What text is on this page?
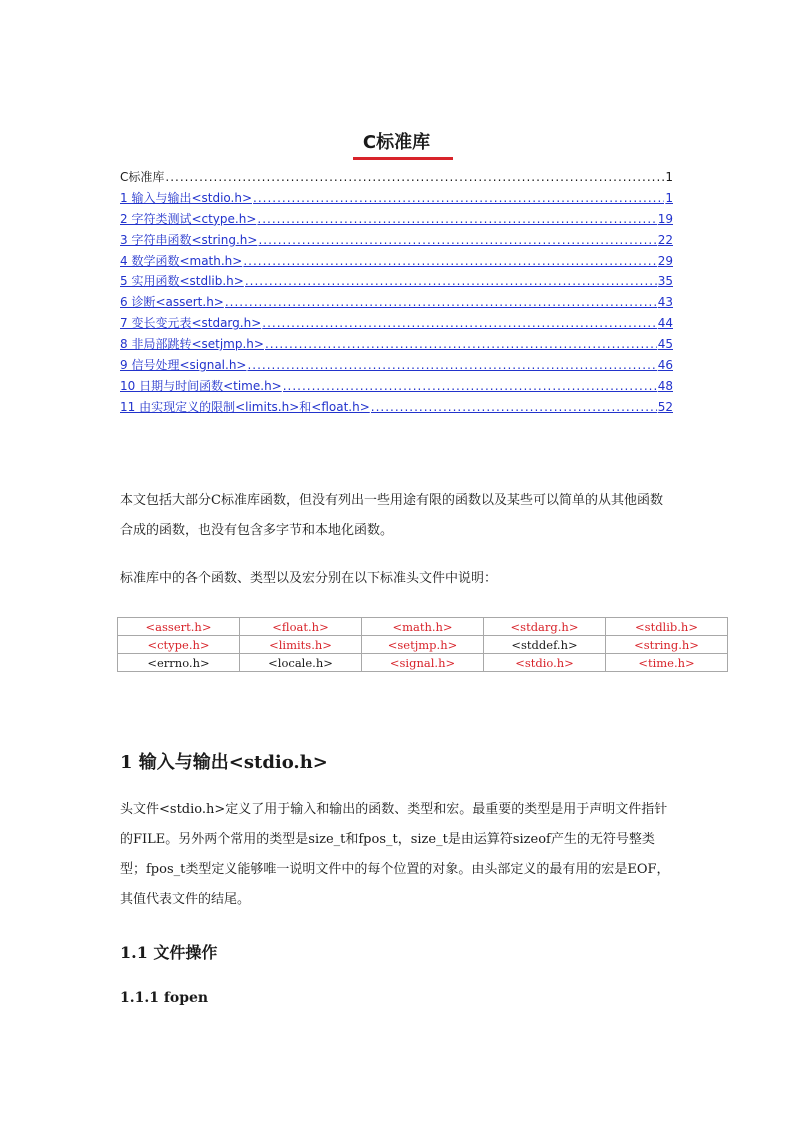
C标准库
C标准库 .....	1
1 输入与输出<stdio.h> .....	1
2 字符类测试<ctype.h> .....	19
3 字符串函数<string.h> .....	22
4 数学函数<math.h> .....	29
5 实用函数<stdlib.h> .....	35
6 诊断<assert.h> .....	43
7 变长变元表<stdarg.h> .....	44
8 非局部跳转<setjmp.h> .....	45
9 信号处理<signal.h> .....	46
10 日期与时间函数<time.h> .....	48
11 由实现定义的限制<limits.h>和<float.h> .....	52
本文包括大部分C标准库函数，但没有列出一些用途有限的函数以及某些可以简单的从其他函数合成的函数，也没有包含多字节和本地化函数。
标准库中的各个函数、类型以及宏分别在以下标准头文件中说明：
<assert.h>	<float.h>	<math.h>	<stdarg.h>	<stdlib.h>
<ctype.h>	<limits.h>	<setjmp.h>	<stddef.h>	<string.h>
<errno.h>	<locale.h>	<signal.h>	<stdio.h>	<time.h>
1 输入与输出<stdio.h>
头文件<stdio.h>定义了用于输入和输出的函数、类型和宏。最重要的类型是用于声明文件指针的FILE。另外两个常用的类型是size_t和fpos_t，size_t是由运算符sizeof产生的无符号整类型；fpos_t类型定义能够唯一说明文件中的每个位置的对象。由头部定义的最有用的宏是EOF，其值代表文件的结尾。
1.1 文件操作
1.1.1 fopen
